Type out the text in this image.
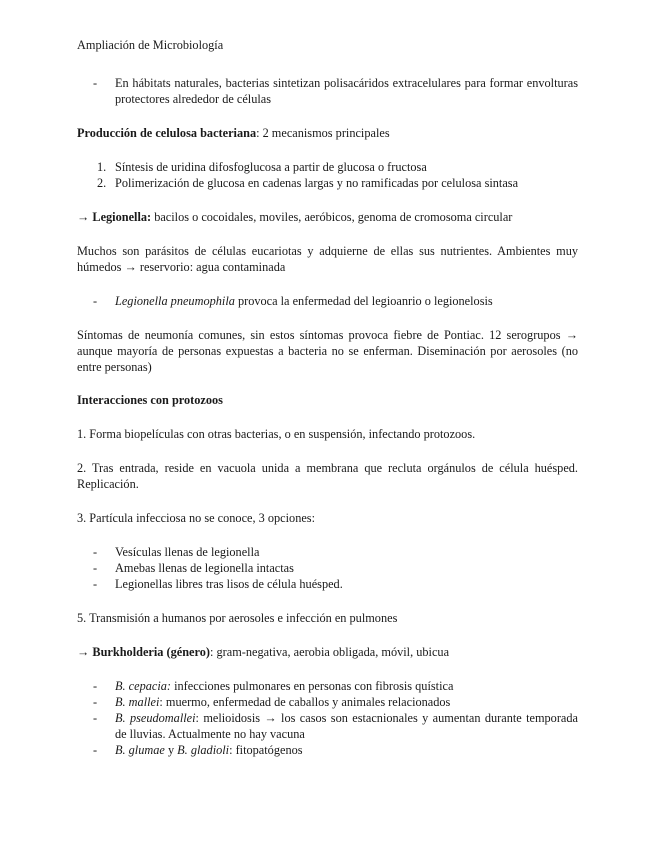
Ampliación de Microbiología
- En hábitats naturales, bacterias sintetizan polisacáridos extracelulares para formar envolturas protectores alrededor de células

Producción de celulosa bacteriana: 2 mecanismos principales

1. Síntesis de uridina difosfoglucosa a partir de glucosa o fructosa
2. Polimerización de glucosa en cadenas largas y no ramificadas por celulosa sintasa

→ Legionella: bacilos o cocoidales, moviles, aeróbicos, genoma de cromosoma circular

Muchos son parásitos de células eucariotas y adquierne de ellas sus nutrientes. Ambientes muy húmedos → reservorio: agua contaminada

- Legionella pneumophila provoca la enfermedad del legioanrio o legionelosis

Síntomas de neumonía comunes, sin estos síntomas provoca fiebre de Pontiac. 12 serogrupos → aunque mayoría de personas expuestas a bacteria no se enferman. Diseminación por aerosoles (no entre personas)

Interacciones con protozoos

1. Forma biopelículas con otras bacterias, o en suspensión, infectando protozoos.

2. Tras entrada, reside en vacuola unida a membrana que recluta orgánulos de célula huésped. Replicación.

3. Partícula infecciosa no se conoce, 3 opciones:

- Vesículas llenas de legionella
- Amebas llenas de legionella intactas
- Legionellas libres tras lisos de célula huésped.

5. Transmisión a humanos por aerosoles e infección en pulmones

→ Burkholderia (género): gram-negativa, aerobia obligada, móvil, ubicua

- B. cepacia: infecciones pulmonares en personas con fibrosis quística
- B. mallei: muermo, enfermedad de caballos y animales relacionados
- B. pseudomallei: melioidosis → los casos son estacnionales y aumentan durante temporada de lluvias. Actualmente no hay vacuna
- B. glumae y B. gladioli: fitopatógenos
